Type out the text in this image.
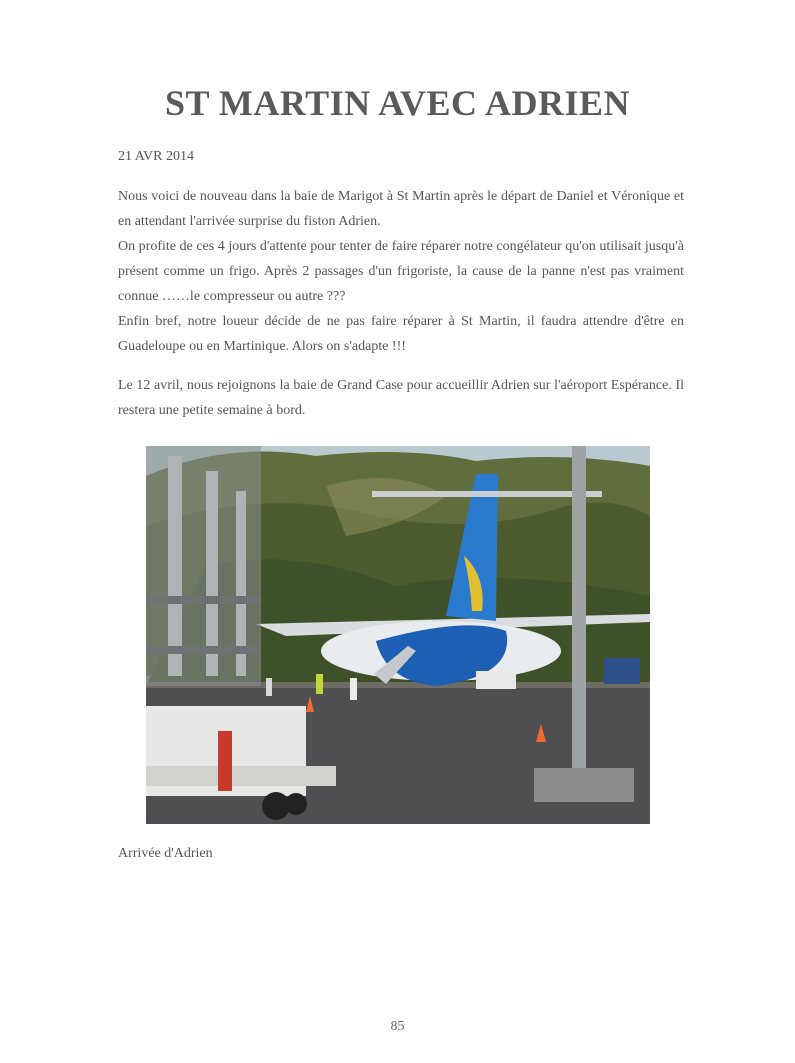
ST MARTIN AVEC ADRIEN
21 AVR 2014

Nous voici de nouveau dans la baie de Marigot à St Martin après le départ de Daniel et Véronique et en attendant l'arrivée surprise du fiston Adrien.
On profite de ces 4 jours d'attente pour tenter de faire réparer notre congélateur qu'on utilisait jusqu'à présent comme un frigo. Après 2 passages d'un frigoriste, la cause de la panne n'est pas vraiment connue ……le compresseur ou autre ???
Enfin bref, notre loueur décide de ne pas faire réparer à St Martin, il faudra attendre d'être en Guadeloupe ou en Martinique. Alors on s'adapte !!!

Le 12 avril, nous rejoignons la baie de Grand Case pour accueillir Adrien sur l'aéroport Espérance. Il restera une petite semaine à bord.

Arrivée d'Adrien
85
